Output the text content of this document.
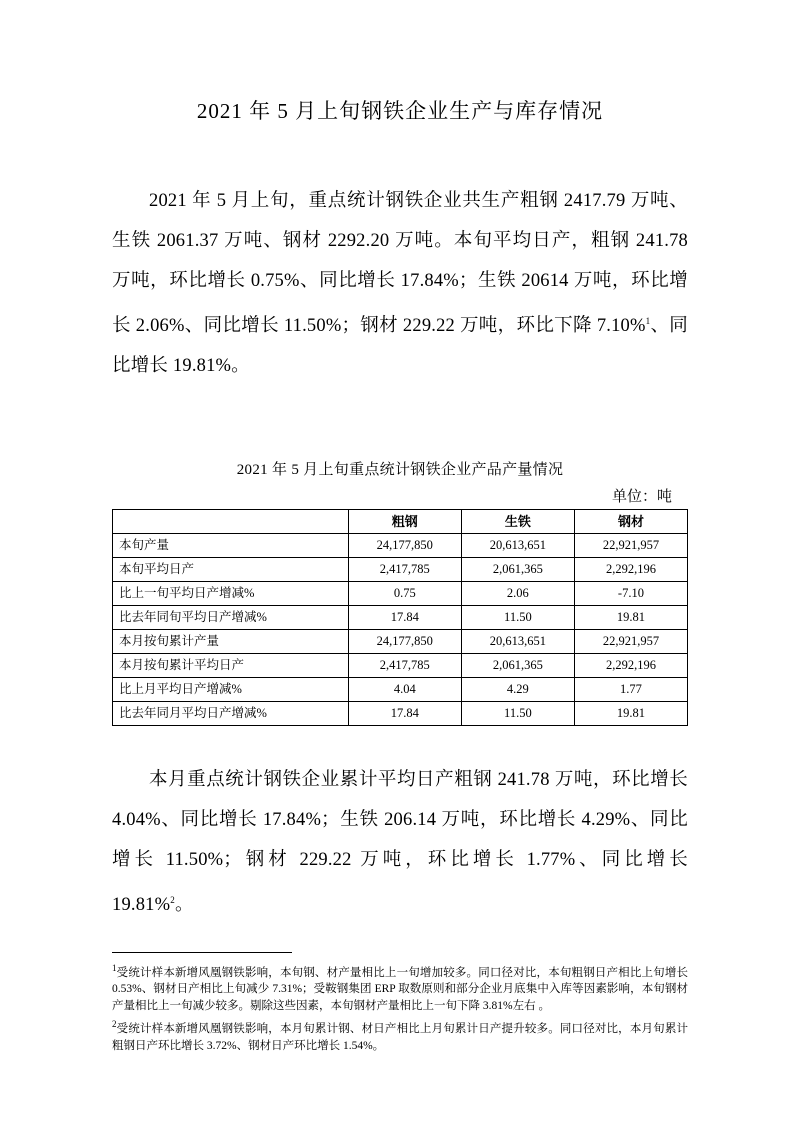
2021 年 5 月上旬钢铁企业生产与库存情况

2021 年 5 月上旬，重点统计钢铁企业共生产粗钢 2417.79 万吨、生铁 2061.37 万吨、钢材 2292.20 万吨。本旬平均日产，粗钢 241.78 万吨，环比增长 0.75%、同比增长 17.84%；生铁 20614 万吨，环比增长 2.06%、同比增长 11.50%；钢材 229.22 万吨，环比下降 7.10%$^1$、同比增长 19.81%。

2021 年 5 月上旬重点统计钢铁企业产品产量情况
单位：吨
	粗钢	生铁	钢材
本旬产量	24,177,850	20,613,651	22,921,957
本旬平均日产	2,417,785	2,061,365	2,292,196
比上一旬平均日产增减%	0.75	2.06	-7.10
比去年同旬平均日产增减%	17.84	11.50	19.81
本月按旬累计产量	24,177,850	20,613,651	22,921,957
本月按旬累计平均日产	2,417,785	2,061,365	2,292,196
比上月平均日产增减%	4.04	4.29	1.77
比去年同月平均日产增减%	17.84	11.50	19.81

本月重点统计钢铁企业累计平均日产粗钢 241.78 万吨，环比增长 4.04%、同比增长 17.84%；生铁 206.14 万吨，环比增长 4.29%、同比增长 11.50%；钢材 229.22 万吨，环比增长 1.77%、同比增长 19.81%$^2$。

$^1$受统计样本新增风凰钢铁影响，本旬钢、材产量相比上一旬增加较多。同口径对比，本旬粗钢日产相比上旬增长 0.53%、钢材日产相比上旬减少 7.31%；受鞍钢集团 ERP 取数原则和部分企业月底集中入库等因素影响，本旬钢材产量相比上一旬减少较多。剔除这些因素，本旬钢材产量相比上一旬下降 3.81%左右 。

$^2$受统计样本新增风凰钢铁影响，本月旬累计钢、材日产相比上月旬累计日产提升较多。同口径对比，本月旬累计粗钢日产环比增长 3.72%、钢材日产环比增长 1.54%。
